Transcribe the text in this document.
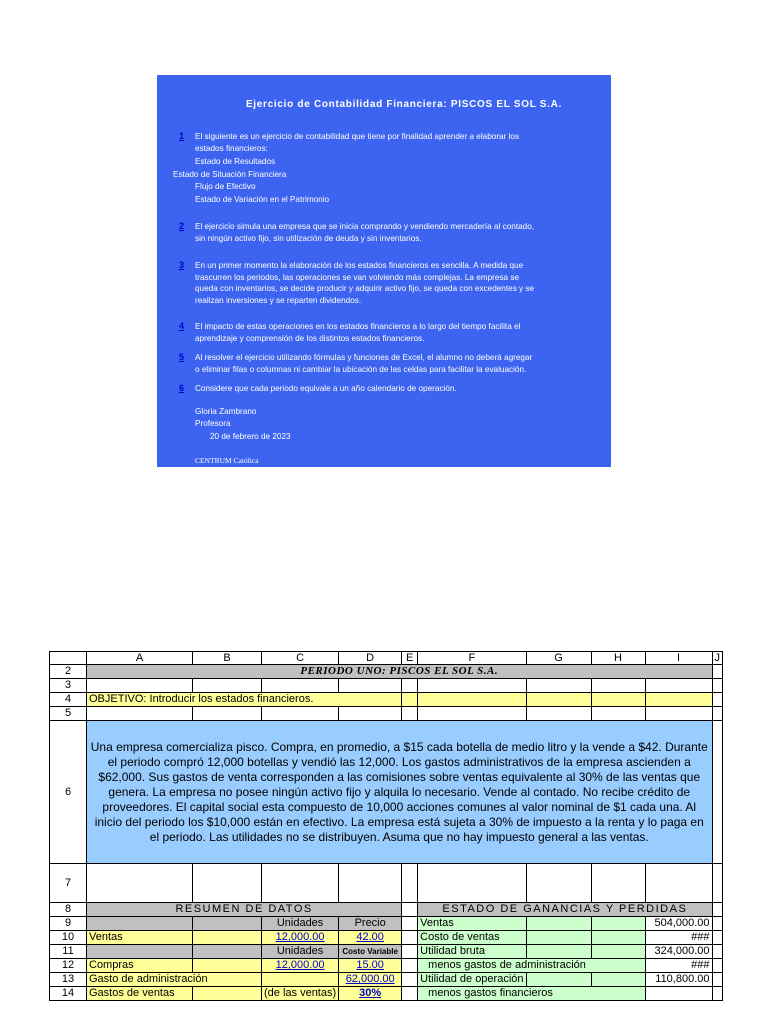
Ejercicio de Contabilidad Financiera: PISCOS EL SOL S.A.
1 El siguiente es un ejercicio de contabilidad que tiene por finalidad aprender a elaborar los
estados financieros:
Estado de Resultados
Estado de Situación Financiera
Flujo de Efectivo
Estado de Variación en el Patrimonio
2 El ejercicio simula una empresa que se inicia comprando y vendiendo mercadería al contado,
sin ningún activo fijo, sin utilización de deuda y sin inventarios.
3 En un primer momento la elaboración de los estados financieros es sencilla. A medida que
trascurren los periodos, las operaciones se van volviendo más complejas. La empresa se
queda con inventarios, se decide producir y adquirir activo fijo, se queda con excedentes y se
realizan inversiones y se reparten dividendos.
4 El impacto de estas operaciones en los estados financieros a lo largo del tiempo facilita el
aprendizaje y comprensión de los distintos estados financieros.
5 Al resolver el ejercicio utilizando fórmulas y funciones de Excel, el alumno no deberá agregar
o eliminar filas o columnas ni cambiar la ubicación de las celdas para facilitar la evaluación.
6 Considere que cada periodo equivale a un año calendario de operación.
Gloria Zambrano
Profesora
20 de febrero de 2023
CENTRUM Católica
	A	B	C	D	E	F	G	H	I	J
2	PERIODO UNO: PISCOS EL SOL S.A.									
3										
4	OBJETIVO: Introducir los estados financieros.									
5										
6	Una empresa comercializa pisco. Compra, en promedio, a $15 cada botella de medio litro y la vende a $42. Durante el periodo compró 12,000 botellas y vendió las 12,000. Los gastos administrativos de la empresa ascienden a $62,000. Sus gastos de venta corresponden a las comisiones sobre ventas equivalente al 30% de las ventas que genera. La empresa no posee ningún activo fijo y alquila lo necesario. Vende al contado. No recibe crédito de proveedores. El capital social esta compuesto de 10,000 acciones comunes al valor nominal de $1 cada una. Al inicio del periodo los $10,000 están en efectivo. La empresa está sujeta a 30% de impuesto a la renta y lo paga en el periodo. Las utilidades no se distribuyen. Asuma que no hay impuesto general a las ventas.									
7										
8	RESUMEN DE DATOS					ESTADO DE GANANCIAS Y PERDIDAS				
9			Unidades	Precio		Ventas			504,000.00	
10	Ventas		12,000.00	42.00		Costo de ventas			###	
11			Unidades	Costo Variable		Utilidad bruta			324,000.00	
12	Compras		12,000.00	15.00		menos gastos de administración			###	
13	Gasto de administración			62,000.00		Utilidad de operación			110,800.00	
14	Gastos de ventas		(de las ventas)	30%		menos gastos financieros				
